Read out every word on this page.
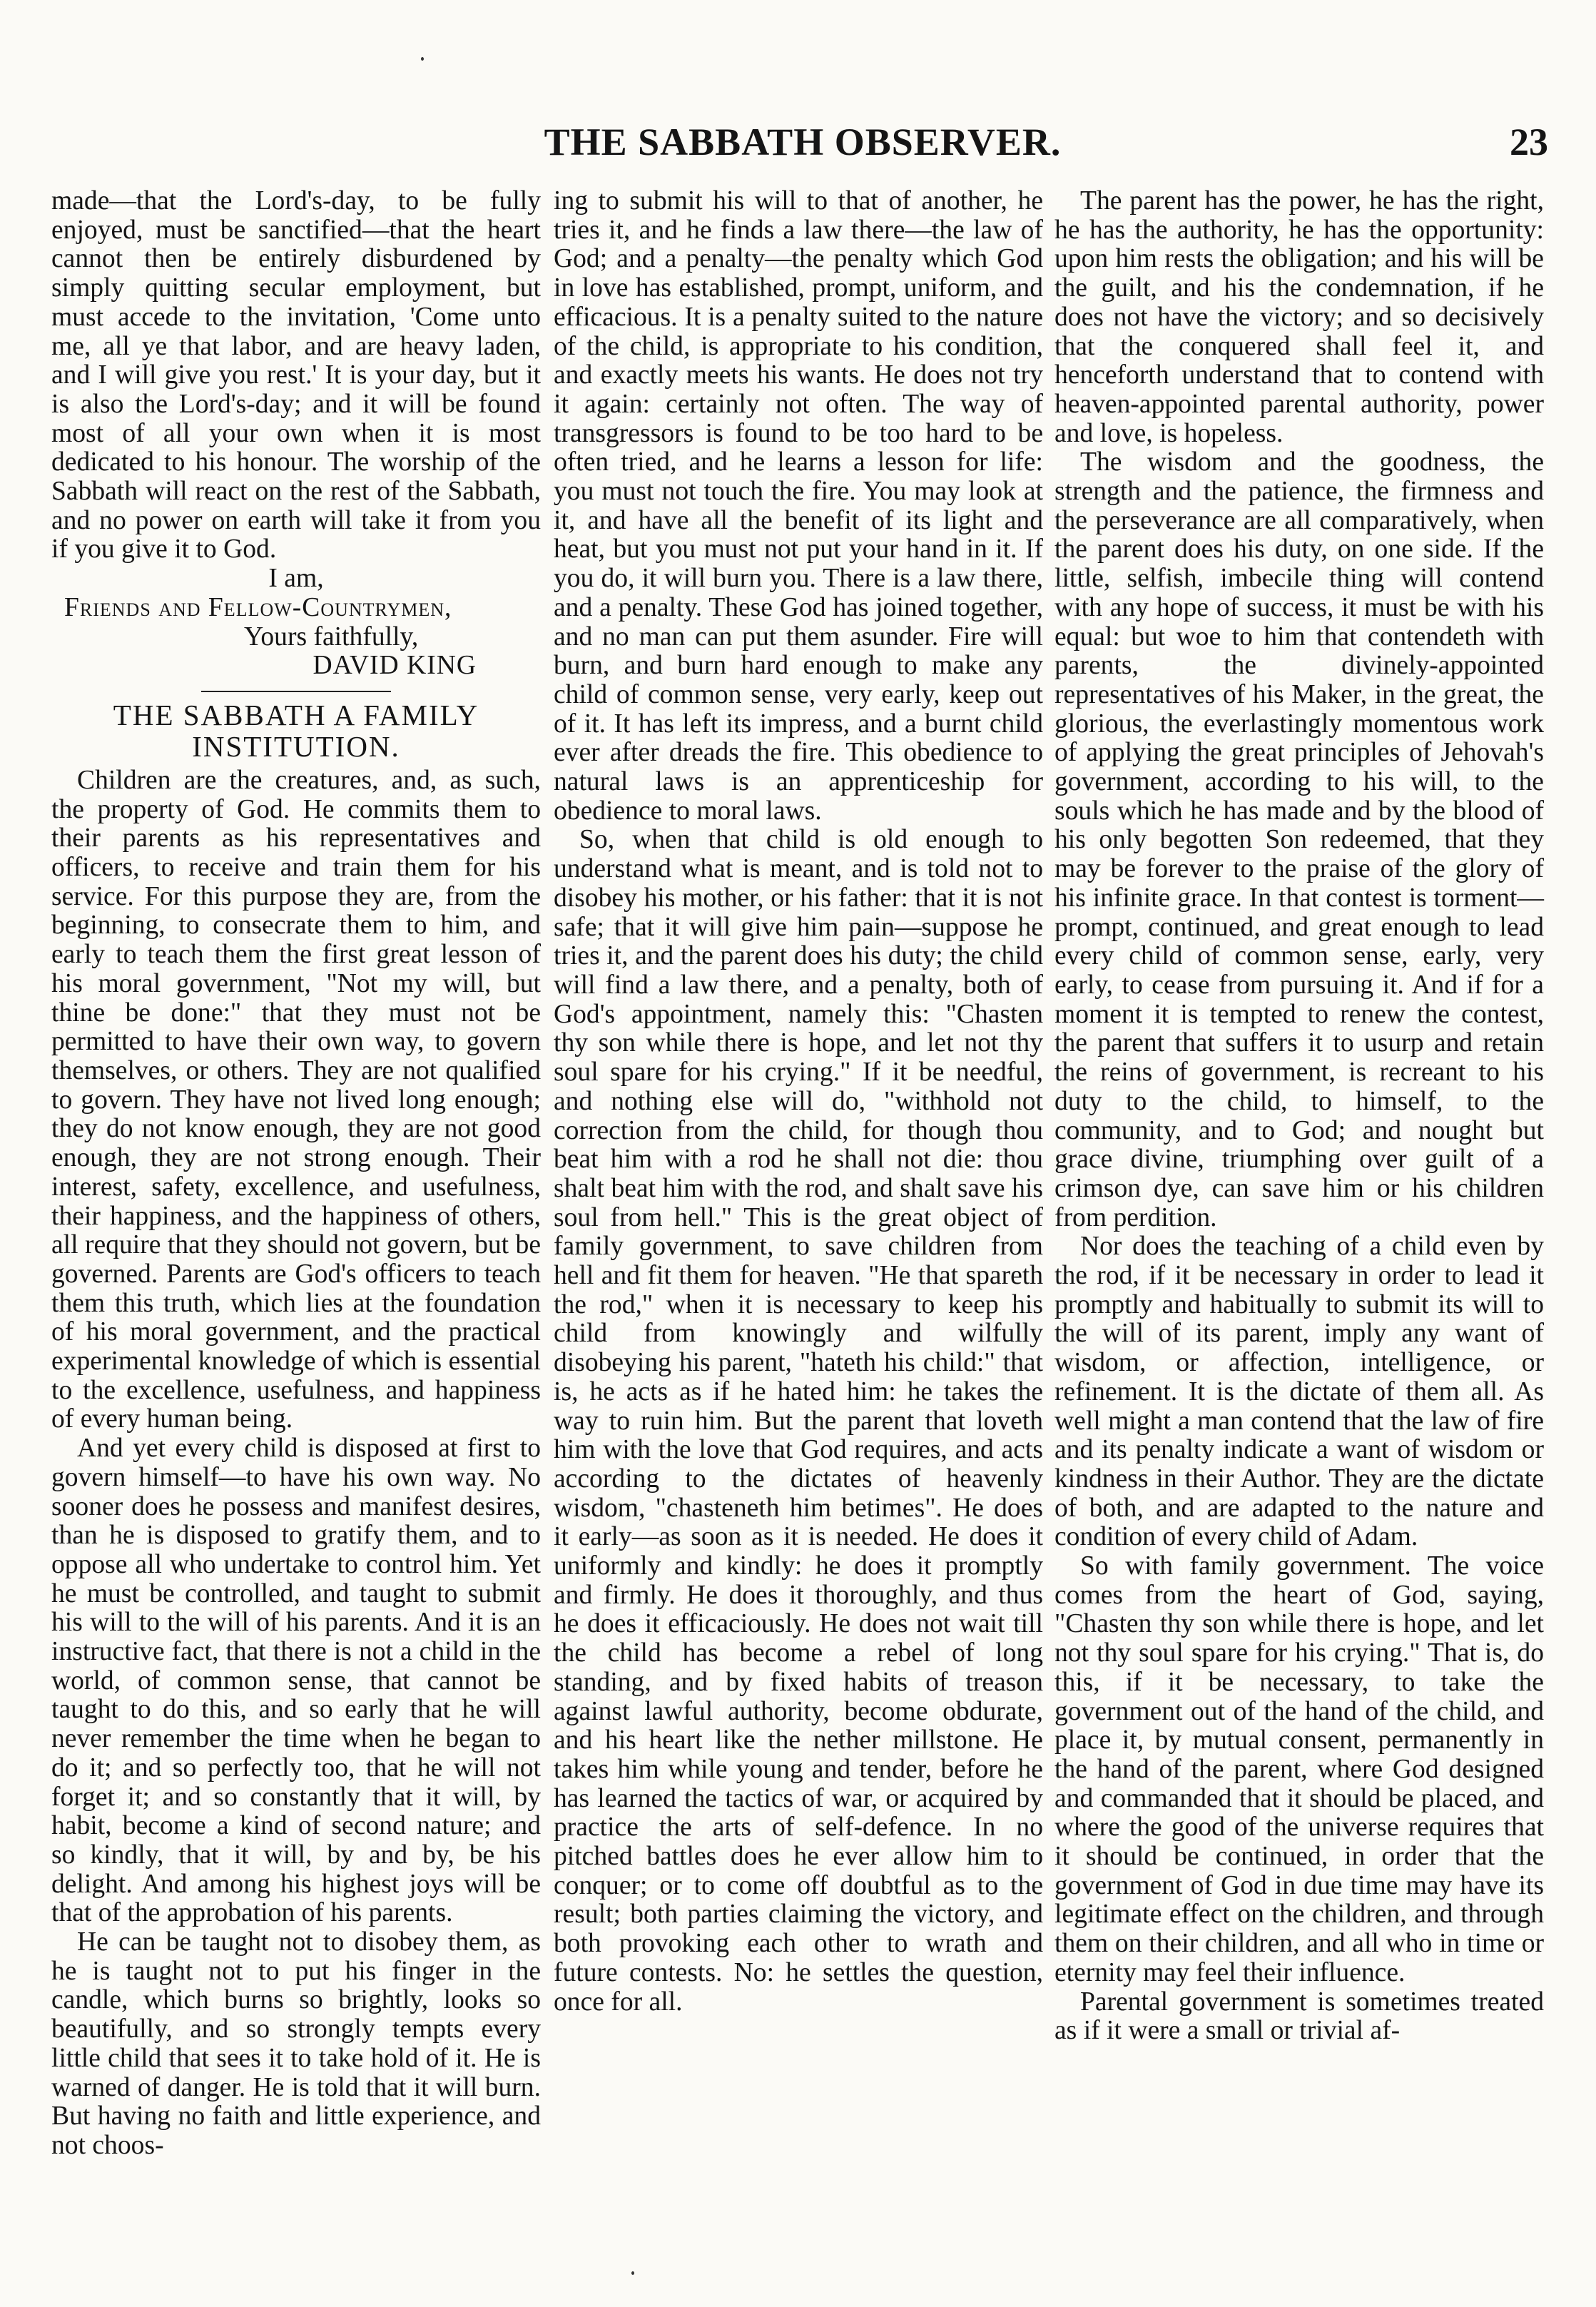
THE SABBATH OBSERVER.	23

made—that the Lord's-day, to be fully enjoyed, must be sanctified—that the heart cannot then be entirely disburdened by simply quitting secular employment, but must accede to the invitation, 'Come unto me, all ye that labor, and are heavy laden, and I will give you rest.' It is your day, but it is also the Lord's-day; and it will be found most of all your own when it is most dedicated to his honour. The worship of the Sabbath will react on the rest of the Sabbath, and no power on earth will take it from you if you give it to God.

I am,

Friends and Fellow-Countrymen,

Yours faithfully,

DAVID KING

THE SABBATH A FAMILY INSTITUTION.

Children are the creatures, and, as such, the property of God. He commits them to their parents as his representatives and officers, to receive and train them for his service. For this purpose they are, from the beginning, to consecrate them to him, and early to teach them the first great lesson of his moral government, "Not my will, but thine be done:" that they must not be permitted to have their own way, to govern themselves, or others. They are not qualified to govern. They have not lived long enough; they do not know enough, they are not good enough, they are not strong enough. Their interest, safety, excellence, and usefulness, their happiness, and the happiness of others, all require that they should not govern, but be governed. Parents are God's officers to teach them this truth, which lies at the foundation of his moral government, and the practical experimental knowledge of which is essential to the excellence, usefulness, and happiness of every human being.

And yet every child is disposed at first to govern himself—to have his own way. No sooner does he possess and manifest desires, than he is disposed to gratify them, and to oppose all who undertake to control him. Yet he must be controlled, and taught to submit his will to the will of his parents. And it is an instructive fact, that there is not a child in the world, of common sense, that cannot be taught to do this, and so early that he will never remember the time when he began to do it; and so perfectly too, that he will not forget it; and so constantly that it will, by habit, become a kind of second nature; and so kindly, that it will, by and by, be his delight. And among his highest joys will be that of the approbation of his parents.

He can be taught not to disobey them, as he is taught not to put his finger in the candle, which burns so brightly, looks so beautifully, and so strongly tempts every little child that sees it to take hold of it. He is warned of danger. He is told that it will burn. But having no faith and little experience, and not choos-

ing to submit his will to that of another, he tries it, and he finds a law there—the law of God; and a penalty—the penalty which God in love has established, prompt, uniform, and efficacious. It is a penalty suited to the nature of the child, is appropriate to his condition, and exactly meets his wants. He does not try it again: certainly not often. The way of transgressors is found to be too hard to be often tried, and he learns a lesson for life: you must not touch the fire. You may look at it, and have all the benefit of its light and heat, but you must not put your hand in it. If you do, it will burn you. There is a law there, and a penalty. These God has joined together, and no man can put them asunder. Fire will burn, and burn hard enough to make any child of common sense, very early, keep out of it. It has left its impress, and a burnt child ever after dreads the fire. This obedience to natural laws is an apprenticeship for obedience to moral laws.

So, when that child is old enough to understand what is meant, and is told not to disobey his mother, or his father: that it is not safe; that it will give him pain—suppose he tries it, and the parent does his duty; the child will find a law there, and a penalty, both of God's appointment, namely this: "Chasten thy son while there is hope, and let not thy soul spare for his crying." If it be needful, and nothing else will do, "withhold not correction from the child, for though thou beat him with a rod he shall not die: thou shalt beat him with the rod, and shalt save his soul from hell." This is the great object of family government, to save children from hell and fit them for heaven. "He that spareth the rod," when it is necessary to keep his child from knowingly and wilfully disobeying his parent, "hateth his child:" that is, he acts as if he hated him: he takes the way to ruin him. But the parent that loveth him with the love that God requires, and acts according to the dictates of heavenly wisdom, "chasteneth him betimes". He does it early—as soon as it is needed. He does it uniformly and kindly: he does it promptly and firmly. He does it thoroughly, and thus he does it efficaciously. He does not wait till the child has become a rebel of long standing, and by fixed habits of treason against lawful authority, become obdurate, and his heart like the nether millstone. He takes him while young and tender, before he has learned the tactics of war, or acquired by practice the arts of self-defence. In no pitched battles does he ever allow him to conquer; or to come off doubtful as to the result; both parties claiming the victory, and both provoking each other to wrath and future contests. No: he settles the question, once for all.

The parent has the power, he has the right, he has the authority, he has the opportunity: upon him rests the obligation; and his will be the guilt, and his the condemnation, if he does not have the victory; and so decisively that the conquered shall feel it, and henceforth understand that to contend with heaven-appointed parental authority, power and love, is hopeless.

The wisdom and the goodness, the strength and the patience, the firmness and the perseverance are all comparatively, when the parent does his duty, on one side. If the little, selfish, imbecile thing will contend with any hope of success, it must be with his equal: but woe to him that contendeth with parents, the divinely-appointed representatives of his Maker, in the great, the glorious, the everlastingly momentous work of applying the great principles of Jehovah's government, according to his will, to the souls which he has made and by the blood of his only begotten Son redeemed, that they may be forever to the praise of the glory of his infinite grace. In that contest is torment—prompt, continued, and great enough to lead every child of common sense, early, very early, to cease from pursuing it. And if for a moment it is tempted to renew the contest, the parent that suffers it to usurp and retain the reins of government, is recreant to his duty to the child, to himself, to the community, and to God; and nought but grace divine, triumphing over guilt of a crimson dye, can save him or his children from perdition.

Nor does the teaching of a child even by the rod, if it be necessary in order to lead it promptly and habitually to submit its will to the will of its parent, imply any want of wisdom, or affection, intelligence, or refinement. It is the dictate of them all. As well might a man contend that the law of fire and its penalty indicate a want of wisdom or kindness in their Author. They are the dictate of both, and are adapted to the nature and condition of every child of Adam.

So with family government. The voice comes from the heart of God, saying, "Chasten thy son while there is hope, and let not thy soul spare for his crying." That is, do this, if it be necessary, to take the government out of the hand of the child, and place it, by mutual consent, permanently in the hand of the parent, where God designed and commanded that it should be placed, and where the good of the universe requires that it should be continued, in order that the government of God in due time may have its legitimate effect on the children, and through them on their children, and all who in time or eternity may feel their influence.

Parental government is sometimes treated as if it were a small or trivial af-
